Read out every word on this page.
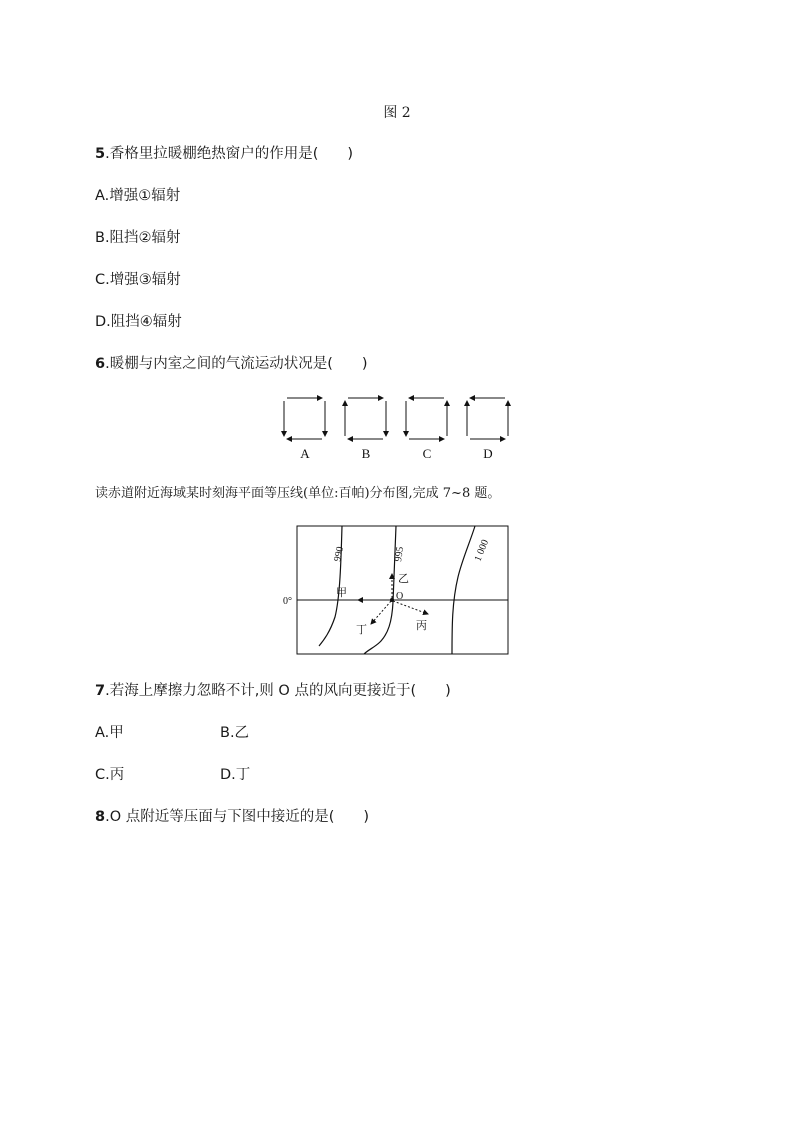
图 2
5.香格里拉暖棚绝热窗户的作用是(　　)
A.增强①辐射
B.阻挡②辐射
C.增强③辐射
D.阻挡④辐射
6.暖棚与内室之间的气流运动状况是(　　)
A	B	C	D
读赤道附近海域某时刻海平面等压线(单位:百帕)分布图,完成 7~8 题。
0°
990	995	1 000
O
甲
乙
丙
丁
7.若海上摩擦力忽略不计,则 O 点的风向更接近于(　　)
A.甲	B.乙
C.丙	D.丁
8.O 点附近等压面与下图中接近的是(　　)
